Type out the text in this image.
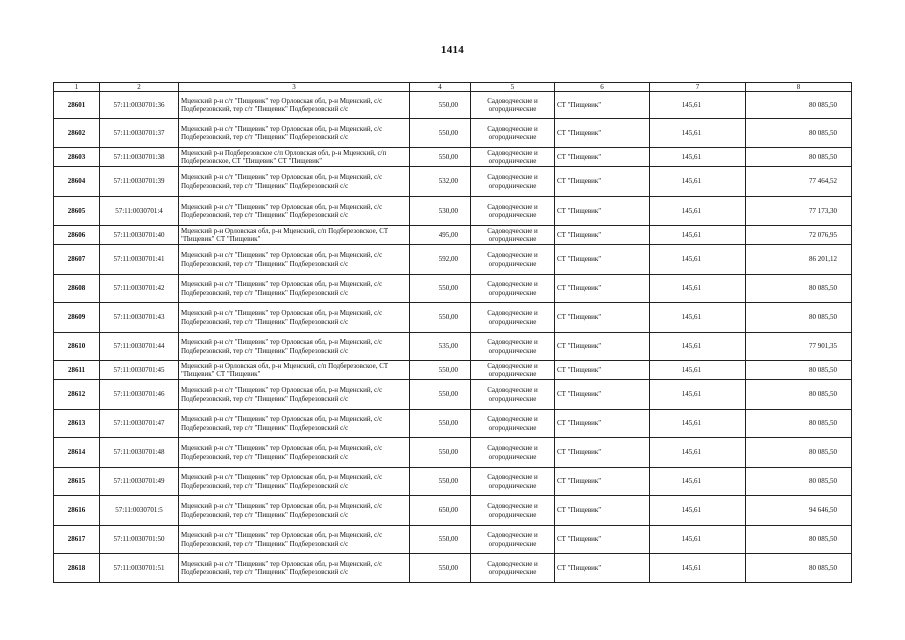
1414
1	2	3	4	5	6	7	8
28601	57:11:0030701:36	Мценский р-н с/т "Пищевик" тер Орловская обл, р-н Мценский, с/с Подберезовский, тер с/т "Пищевик" Подберезовский с/с	550,00	Садоводческие и огороднические	СТ "Пищевик"	145,61	80 085,50
28602	57:11:0030701:37	Мценский р-н с/т "Пищевик" тер Орловская обл, р-н Мценский, с/с Подберезовский, тер с/т "Пищевик" Подберезовский с/с	550,00	Садоводческие и огороднические	СТ "Пищевик"	145,61	80 085,50
28603	57:11:0030701:38	Мценский р-н Подберезовское с/п Орловская обл, р-н Мценский, с/п Подберезовское, СТ "Пищевик" СТ "Пищевик"	550,00	Садоводческие и огороднические	СТ "Пищевик"	145,61	80 085,50
28604	57:11:0030701:39	Мценский р-н с/т "Пищевик" тер Орловская обл, р-н Мценский, с/с Подберезовский, тер с/т "Пищевик" Подберезовский с/с	532,00	Садоводческие и огороднические	СТ "Пищевик"	145,61	77 464,52
28605	57:11:0030701:4	Мценский р-н с/т "Пищевик" тер Орловская обл, р-н Мценский, с/с Подберезовский, тер с/т "Пищевик" Подберезовский с/с	530,00	Садоводческие и огороднические	СТ "Пищевик"	145,61	77 173,30
28606	57:11:0030701:40	Мценский р-н Орловская обл, р-н Мценский, с/п Подберезовское, СТ "Пищевик" СТ "Пищевик"	495,00	Садоводческие и огороднические	СТ "Пищевик"	145,61	72 076,95
28607	57:11:0030701:41	Мценский р-н с/т "Пищевик" тер Орловская обл, р-н Мценский, с/с Подберезовский, тер с/т "Пищевик" Подберезовский с/с	592,00	Садоводческие и огороднические	СТ "Пищевик"	145,61	86 201,12
28608	57:11:0030701:42	Мценский р-н с/т "Пищевик" тер Орловская обл, р-н Мценский, с/с Подберезовский, тер с/т "Пищевик" Подберезовский с/с	550,00	Садоводческие и огороднические	СТ "Пищевик"	145,61	80 085,50
28609	57:11:0030701:43	Мценский р-н с/т "Пищевик" тер Орловская обл, р-н Мценский, с/с Подберезовский, тер с/т "Пищевик" Подберезовский с/с	550,00	Садоводческие и огороднические	СТ "Пищевик"	145,61	80 085,50
28610	57:11:0030701:44	Мценский р-н с/т "Пищевик" тер Орловская обл, р-н Мценский, с/с Подберезовский, тер с/т "Пищевик" Подберезовский с/с	535,00	Садоводческие и огороднические	СТ "Пищевик"	145,61	77 901,35
28611	57:11:0030701:45	Мценский р-н Орловская обл, р-н Мценский, с/п Подберезовское, СТ "Пищевик" СТ "Пищевик"	550,00	Садоводческие и огороднические	СТ "Пищевик"	145,61	80 085,50
28612	57:11:0030701:46	Мценский р-н с/т "Пищевик" тер Орловская обл, р-н Мценский, с/с Подберезовский, тер с/т "Пищевик" Подберезовский с/с	550,00	Садоводческие и огороднические	СТ "Пищевик"	145,61	80 085,50
28613	57:11:0030701:47	Мценский р-н с/т "Пищевик" тер Орловская обл, р-н Мценский, с/с Подберезовский, тер с/т "Пищевик" Подберезовский с/с	550,00	Садоводческие и огороднические	СТ "Пищевик"	145,61	80 085,50
28614	57:11:0030701:48	Мценский р-н с/т "Пищевик" тер Орловская обл, р-н Мценский, с/с Подберезовский, тер с/т "Пищевик" Подберезовский с/с	550,00	Садоводческие и огороднические	СТ "Пищевик"	145,61	80 085,50
28615	57:11:0030701:49	Мценский р-н с/т "Пищевик" тер Орловская обл, р-н Мценский, с/с Подберезовский, тер с/т "Пищевик" Подберезовский с/с	550,00	Садоводческие и огороднические	СТ "Пищевик"	145,61	80 085,50
28616	57:11:0030701:5	Мценский р-н с/т "Пищевик" тер Орловская обл, р-н Мценский, с/с Подберезовский, тер с/т "Пищевик" Подберезовский с/с	650,00	Садоводческие и огороднические	СТ "Пищевик"	145,61	94 646,50
28617	57:11:0030701:50	Мценский р-н с/т "Пищевик" тер Орловская обл, р-н Мценский, с/с Подберезовский, тер с/т "Пищевик" Подберезовский с/с	550,00	Садоводческие и огороднические	СТ "Пищевик"	145,61	80 085,50
28618	57:11:0030701:51	Мценский р-н с/т "Пищевик" тер Орловская обл, р-н Мценский, с/с Подберезовский, тер с/т "Пищевик" Подберезовский с/с	550,00	Садоводческие и огороднические	СТ "Пищевик"	145,61	80 085,50
